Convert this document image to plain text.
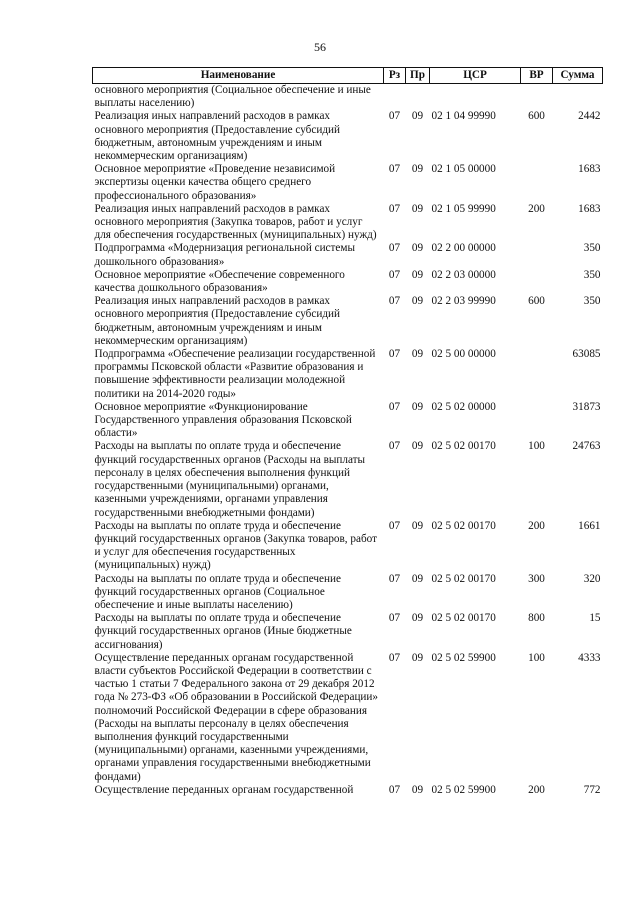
56
Наименование	Рз	Пр	ЦСР	ВР	Сумма
основного мероприятия (Социальное обеспечение и иные выплаты населению)					
Реализация иных направлений расходов в рамках основного мероприятия (Предоставление субсидий бюджетным, автономным учреждениям и иным некоммерческим организациям)	07	09	02 1 04 99990	600	2442
Основное мероприятие «Проведение независимой экспертизы оценки качества общего среднего профессионального образования»	07	09	02 1 05 00000		1683
Реализация иных направлений расходов в рамках основного мероприятия (Закупка товаров, работ и услуг для обеспечения государственных (муниципальных) нужд)	07	09	02 1 05 99990	200	1683
Подпрограмма «Модернизация региональной системы дошкольного образования»	07	09	02 2 00 00000		350
Основное мероприятие «Обеспечение современного качества дошкольного образования»	07	09	02 2 03 00000		350
Реализация иных направлений расходов в рамках основного мероприятия (Предоставление субсидий бюджетным, автономным учреждениям и иным некоммерческим организациям)	07	09	02 2 03 99990	600	350
Подпрограмма «Обеспечение реализации государственной программы Псковской области «Развитие образования и повышение эффективности реализации молодежной политики на 2014-2020 годы»	07	09	02 5 00 00000		63085
Основное мероприятие «Функционирование Государственного управления образования Псковской области»	07	09	02 5 02 00000		31873
Расходы на выплаты по оплате труда и обеспечение функций государственных органов (Расходы на выплаты персоналу в целях обеспечения выполнения функций государственными (муниципальными) органами, казенными учреждениями, органами управления государственными внебюджетными фондами)	07	09	02 5 02 00170	100	24763
Расходы на выплаты по оплате труда и обеспечение функций государственных органов (Закупка товаров, работ и услуг для обеспечения государственных (муниципальных) нужд)	07	09	02 5 02 00170	200	1661
Расходы на выплаты по оплате труда и обеспечение функций государственных органов (Социальное обеспечение и иные выплаты населению)	07	09	02 5 02 00170	300	320
Расходы на выплаты по оплате труда и обеспечение функций государственных органов (Иные бюджетные ассигнования)	07	09	02 5 02 00170	800	15
Осуществление переданных органам государственной власти субъектов Российской Федерации в соответствии с частью 1 статьи 7 Федерального закона от 29 декабря 2012 года № 273-ФЗ «Об образовании в Российской Федерации» полномочий Российской Федерации в сфере образования (Расходы на выплаты персоналу в целях обеспечения выполнения функций государственными (муниципальными) органами, казенными учреждениями, органами управления государственными внебюджетными фондами)	07	09	02 5 02 59900	100	4333
Осуществление переданных органам государственной	07	09	02 5 02 59900	200	772
